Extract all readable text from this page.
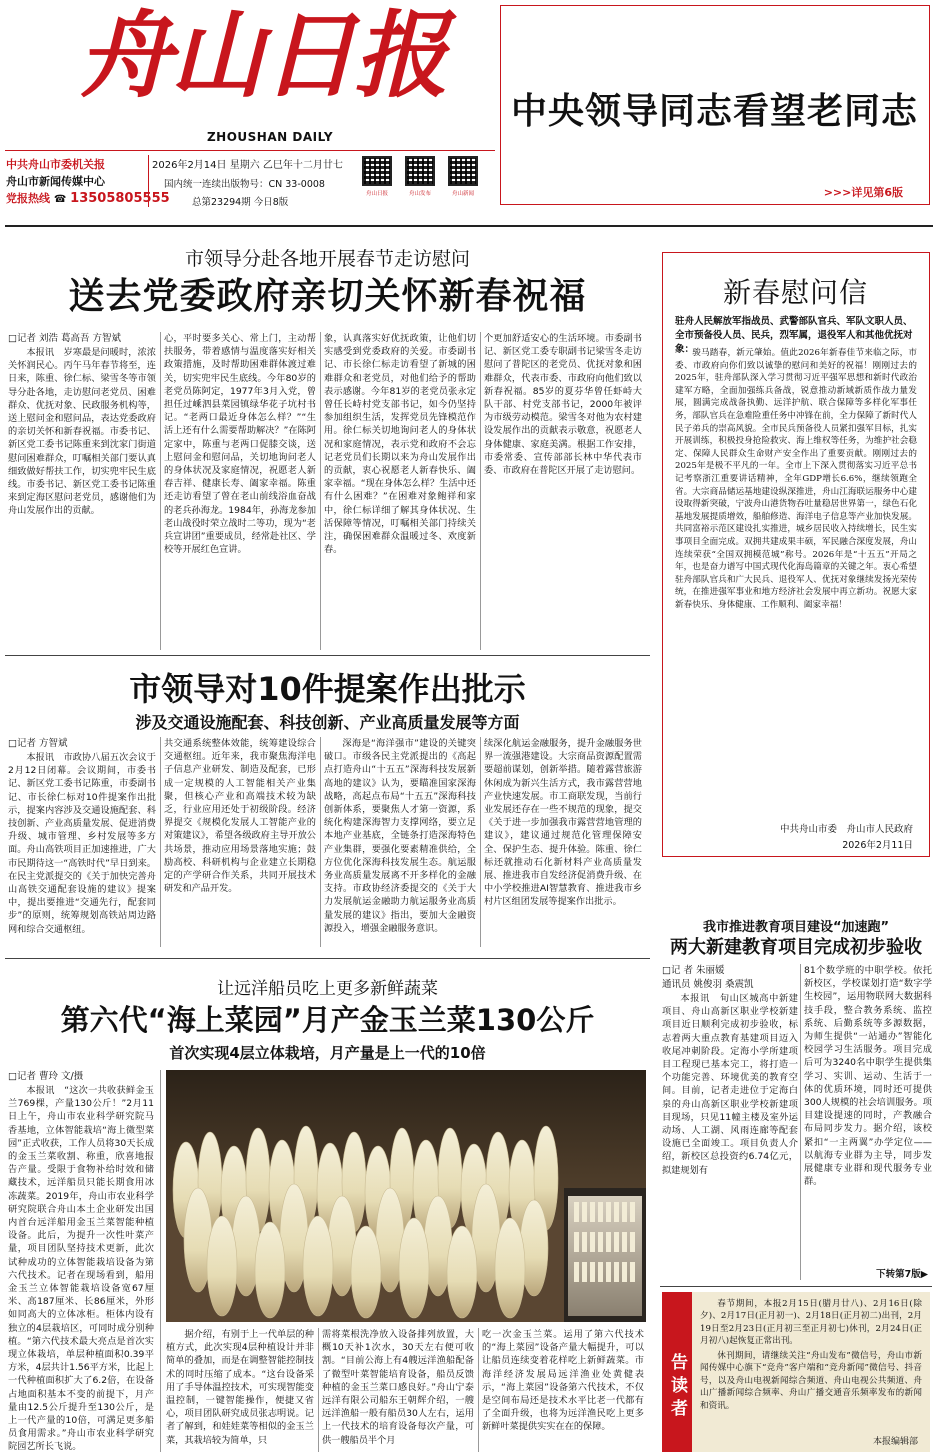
舟山日报
ZHOUSHAN DAILY
中央领导同志看望老同志
>>>详见第6版
中共舟山市委机关报
舟山市新闻传媒中心
党报热线 ☎ 13505805555
2026年2月14日 星期六 乙巳年十二月廿七
国内统一连续出版物号：CN 33-0008
总第23294期 今日8版
舟山日报	舟山发布	舟山新闻
市领导分赴各地开展春节走访慰问
送去党委政府亲切关怀新春祝福

□记者 刘浩 葛高吾 方智斌

本报讯　岁寒最是问暖时，浓浓关怀润民心。丙午马年春节将至，连日来，陈重、徐仁标、梁雪冬等市领导分赴各地，走访慰问老党员、困难群众、优抚对象、民政服务机构等，送上慰问金和慰问品，表达党委政府的亲切关怀和新春祝福。市委书记、新区党工委书记陈重来到沈家门街道慰问困难群众，叮嘱相关部门要认真细致做好帮扶工作，切实兜牢民生底线。市委书记、新区党工委书记陈重来到定海区慰问老党员，感谢他们为舟山发展作出的贡献。

心，平时要多关心、常上门，主动帮扶服务，带着感情与温度落实好相关政策措施，及时帮助困难群体渡过难关，切实兜牢民生底线。今年80岁的老党员陈阿定，1977年3月入党，曾担任过嵊泗县菜园镇绿华花子坑村书记。“老两口最近身体怎么样？”“生活上还有什么需要帮助解决？”在陈阿定家中，陈重与老两口促膝交谈，送上慰问金和慰问品，关切地询问老人的身体状况及家庭情况，祝愿老人新春吉祥、健康长寿、阖家幸福。陈重还走访看望了曾在老山前线浴血奋战的老兵孙海龙。1984年，孙海龙参加老山战役时荣立战时二等功，现为“老兵宣讲团”重要成员，经常赴社区、学校等开展红色宣讲。

象，认真落实好优抚政策，让他们切实感受到党委政府的关爱。市委副书记、市长徐仁标走访看望了新城的困难群众和老党员，对他们给予的帮助表示感谢。今年81岁的老党员张永定曾任长峙村党支部书记，如今仍坚持参加组织生活，发挥党员先锋模范作用。徐仁标关切地询问老人的身体状况和家庭情况，表示党和政府不会忘记老党员们长期以来为舟山发展作出的贡献，衷心祝愿老人新春快乐、阖家幸福。“现在身体怎么样？生活中还有什么困难？”在困难对象鲍祥和家中，徐仁标详细了解其身体状况、生活保障等情况，叮嘱相关部门持续关注，确保困难群众温暖过冬、欢度新春。

个更加舒适安心的生活环境。市委副书记、新区党工委专职副书记梁雪冬走访慰问了普陀区的老党员、优抚对象和困难群众，代表市委、市政府向他们致以新春祝福。85岁的夏芬华曾任虾峙大队干部、村党支部书记，2000年被评为市级劳动模范。梁雪冬对他为农村建设发展作出的贡献表示敬意，祝愿老人身体健康、家庭美满。根据工作安排，市委常委、宣传部部长林中华代表市委、市政府在普陀区开展了走访慰问。

新春慰问信
驻舟人民解放军指战员、武警部队官兵、军队文职人员、全市预备役人员、民兵，烈军属，退役军人和其他优抚对象：
骏马踏春，新元肇始。值此2026年新春佳节来临之际，市委、市政府向你们致以诚挚的慰问和美好的祝福！刚刚过去的2025年，驻舟部队深入学习贯彻习近平强军思想和新时代政治建军方略，全面加强练兵备战，锐意推动新域新质作战力量发展，圆满完成战备执勤、远洋护航、联合保障等多样化军事任务，部队官兵在急难险重任务中冲锋在前，全力保障了新时代人民子弟兵的崇高风貌。全市民兵预备役人员紧扣强军目标，扎实开展训练，积极投身抢险救灾、海上维权等任务，为维护社会稳定、保障人民群众生命财产安全作出了重要贡献。刚刚过去的2025年是极不平凡的一年。全市上下深入贯彻落实习近平总书记考察浙江重要讲话精神，全年GDP增长6.6%，继续领跑全省。大宗商品储运基地建设纵深推进，舟山江海联运服务中心建设取得新突破，宁波舟山港货物吞吐量稳居世界第一，绿色石化基地发展提质增效，船舶修造、海洋电子信息等产业加快发展。共同富裕示范区建设扎实推进，城乡居民收入持续增长，民生实事项目全面完成。双拥共建成果丰硕，军民融合深度发展，舟山连续荣获“全国双拥模范城”称号。2026年是“十五五”开局之年，也是奋力谱写中国式现代化海岛篇章的关键之年。衷心希望驻舟部队官兵和广大民兵、退役军人、优抚对象继续发扬光荣传统，在推进强军事业和地方经济社会发展中再立新功。祝愿大家新春快乐、身体健康、工作顺利、阖家幸福！
中共舟山市委　舟山市人民政府
2026年2月11日
市领导对10件提案作出批示
涉及交通设施配套、科技创新、产业高质量发展等方面

□记者 方智斌

本报讯　市政协八届五次会议于2月12日闭幕。会议期间，市委书记、新区党工委书记陈重，市委副书记、市长徐仁标对10件提案作出批示，提案内容涉及交通设施配套、科技创新、产业高质量发展、促进消费升级、城市管理、乡村发展等多方面。舟山高铁项目正加速推进，广大市民期待这一“高铁时代”早日到来。在民主党派提交的《关于加快完善舟山高铁交通配套设施的建议》提案中，提出要推进“交通先行，配套同步”的原则，统筹规划高铁站周边路网和综合交通枢纽。

共交通系统整体效能，统筹建设综合交通枢纽。近年来，我市聚焦海洋电子信息产业研发、制造及配套，已形成一定规模的人工智能相关产业集聚，但核心产业和高端技术较为缺乏，行业应用还处于初级阶段。经济界提交《规模化发展人工智能产业的对策建议》，希望各级政府主导开放公共场景，推动应用场景落地实施；鼓励高校、科研机构与企业建立长期稳定的产学研合作关系，共同开展技术研发和产品开发。

深海是“海洋强市”建设的关键突破口。市级各民主党派提出的《高起点打造舟山“十五五”深海科技发展新高地的建议》认为，要瞄准国家深海战略，高起点布局“十五五”深海科技创新体系，要聚焦人才第一资源，系统化构建深海智力支撑网络，要立足本地产业基底，全链条打造深海特色产业集群，要强化要素精准供给，全方位优化深海科技发展生态。航运服务业高质量发展离不开多样化的金融支持。市政协经济委提交的《关于大力发展航运金融助力航运服务业高质量发展的建议》指出，要加大金融资源投入，增强金融服务意识。

续深化航运金融服务，提升金融服务世界一流强港建设。大宗商品资源配置需要超前谋划，创新举措。随着露营旅游休闲成为新兴生活方式，我市露营营地产业快速发展。市工商联发现，当前行业发展还存在一些不规范的现象，提交《关于进一步加强我市露营营地管理的建议》，建议通过规范化管理保障安全、保护生态、提升体验。陈重、徐仁标还就推动石化新材料产业高质量发展、推进我市自发经济促消费升级、在中小学校推进AI智慧教育、推进我市乡村片区组团发展等提案作出批示。

我市推进教育项目建设“加速跑”
两大新建教育项目完成初步验收

□记 者 朱丽媛

通讯员 姚俊羽 桑震凯

本报讯　旬山区城高中新建项目、舟山高新区职业学校新建项目近日顺利完成初步验收，标志着两大重点教育基建项目迈入收尾冲刺阶段。定海小学所建项目工程现已基本完工，将打造一个功能完善、环境优美的教育空间。目前，记者走进位于定海白泉的舟山高新区职业学校新建项目现场，只见11幢主楼及室外运动场、人工湖、风雨连廊等配套设施已全面竣工。项目负责人介绍，新校区总投资约6.74亿元，拟建规划有

81个数学班的中职学校。依托新校区，学校谋划打造“数字学生校园”，运用物联网大数据科技手段，整合教务系统、监控系统、后勤系统等多源数据，为师生提供“一站通办”智能化校园学习生活服务。项目完成后可为3240名中职学生提供集学习、实训、运动、生活于一体的优质环境，同时还可提供300人规模的社会培训服务。项目建设提速的同时，产教融合布局同步发力。据介绍，该校紧扣“一主两翼”办学定位——以航海专业群为主导，同步发展健康专业群和现代服务专业群。

下转第7版▶
让远洋船员吃上更多新鲜蔬菜
第六代“海上菜园”月产金玉兰菜130公斤
首次实现4层立体栽培，月产量是上一代的10倍

□记者 曹玲 文/摄

本报讯　“这次一共收获鲜金玉兰769棵，产量130公斤！”2月11日上午，舟山市农业科学研究院马香基地，立体智能栽培“海上微型菜园”正式收获，工作人员将30天长成的金玉兰菜收割、称重，欣喜地报告产量。受限于食物补给时效和储藏技术，远洋船员只能长期食用冰冻蔬菜。2019年，舟山市农业科学研究院联合舟山本土企业研发出国内首台远洋船用金玉兰菜智能种植设备。此后，为提升一次性叶菜产量，项目团队坚持技术更新，此次试种成功的立体智能栽培设备为第六代技术。记者在现场看到，船用金玉兰立体智能栽培设备宽67厘米、高187厘米、长86厘米，外形如同高大的立体冰柜。柜体内设有独立的4层栽培区，可同时成分别种植。“第六代技术最大亮点是首次实现立体栽培，单层种植面积0.39平方米，4层共计1.56平方米，比起上一代种植面积扩大了6.2倍，在设备占地面积基本不变的前提下，月产量由12.5公斤提升至130公斤，是上一代产量的10倍，可满足更多船员食用需求。”舟山市农业科学研究院园艺所长飞说。

据介绍，有别于上一代单层的种植方式，此次实现4层种植设计并非简单的叠加，而是在调整智能控制技术的同时压缩了成本。“这台设备采用了手导体温控技术，可实现智能变温控制，一键智能操作，便捷又省心，项目团队研究成员张志明说。记者了解到，和娃娃菜等相似的金玉兰菜，其栽培较为简单，只

需将菜根洗净放入设备排列放置，大概10天补1次水，30天左右便可收割。“目前公海上有4艘远洋渔船配备了微型叶菜智能培育设备，船员反馈种植的金玉兰菜口感良好。”舟山宁泰远洋有限公司船东王朝辉介绍，一艘远洋渔船一般有船员30人左右，运用上一代技术的培育设备每次产量，可供一艘船员半个月

吃一次金玉兰菜。运用了第六代技术的“海上菜园”设备产量大幅提升，可以让船员连续变着花样吃上新鲜蔬菜。市海洋经济发展局远洋渔业处黄健表示，“海上菜园”设备第六代技术，不仅是空间布局还是技术水平比老一代都有了全面升级，也将为远洋渔民吃上更多新鲜叶菜提供实实在在的保障。

告读者
春节期间，本报2月15日(腊月廿八)、2月16日(除夕)、2月17日(正月初一)、2月18日(正月初二)出刊，2月19日至2月23日(正月初三至正月初七)休刊，2月24日(正月初八)起恢复正常出刊。
休刊期间，请继续关注“舟山发布”微信号，舟山市新闻传媒中心旗下“竞舟”客户端和“竞舟新闻”微信号、抖音号，以及舟山电视新闻综合频道、舟山电视公共频道、舟山广播新闻综合频率、舟山广播交通音乐频率发布的新闻和资讯。
本报编辑部
